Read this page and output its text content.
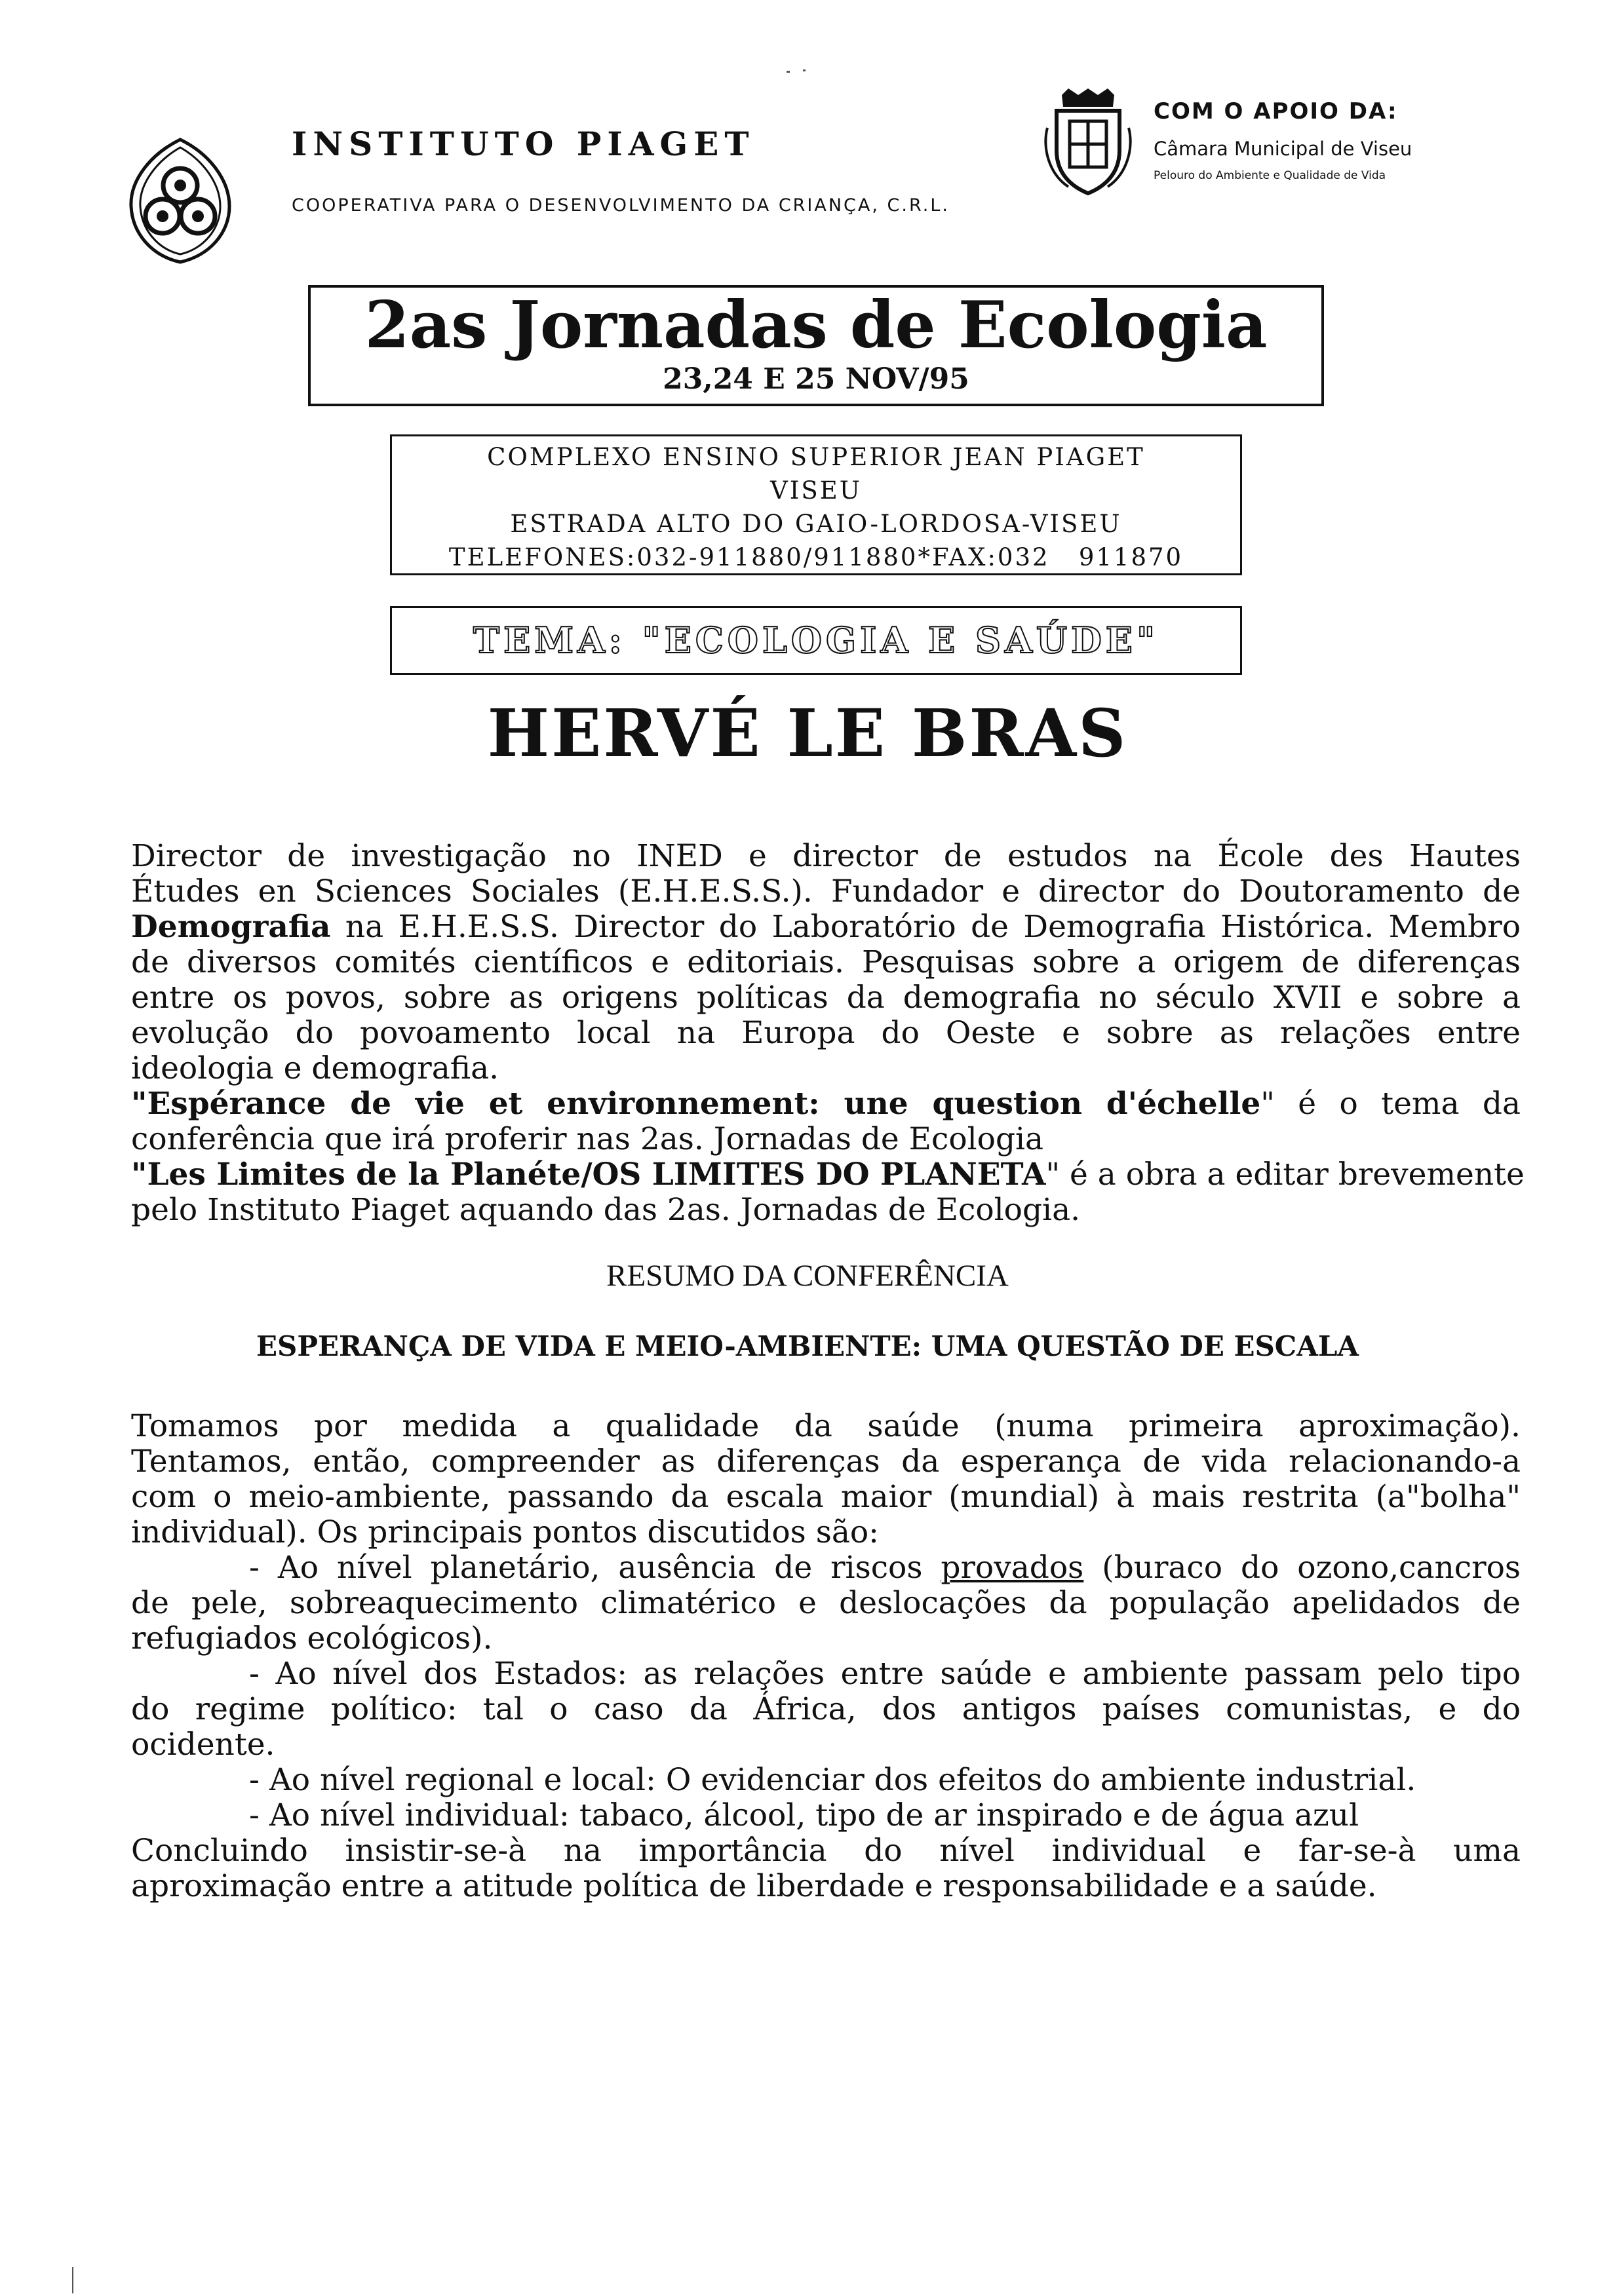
INSTITUTO PIAGET
COOPERATIVA PARA O DESENVOLVIMENTO DA CRIANÇA, C.R.L.
COM O APOIO DA:
Câmara Municipal de Viseu
Pelouro do Ambiente e Qualidade de Vida
2as Jornadas de Ecologia
23,24 E 25 NOV/95
COMPLEXO ENSINO SUPERIOR JEAN PIAGET
VISEU
ESTRADA ALTO DO GAIO-LORDOSA-VISEU
TELEFONES:032-911880/911880*FAX:032   911870
TEMA: "ECOLOGIA E SAÚDE"
HERVÉ LE BRAS
Director de investigação no INED e director de estudos na École des Hautes
Études en Sciences Sociales (E.H.E.S.S.). Fundador e director do Doutoramento de
Demografia na E.H.E.S.S. Director do Laboratório de Demografia Histórica. Membro
de diversos comités científicos e editoriais. Pesquisas sobre a origem de diferenças
entre os povos, sobre as origens políticas da demografia no século XVII e sobre a
evolução do povoamento local na Europa do Oeste e sobre as relações entre
ideologia e demografia.
"Espérance de vie et environnement: une question d'échelle" é o tema da
conferência que irá proferir nas 2as. Jornadas de Ecologia
"Les Limites de la Planéte/OS LIMITES DO PLANETA" é a obra a editar brevemente
pelo Instituto Piaget aquando das 2as. Jornadas de Ecologia.
RESUMO DA CONFERÊNCIA
ESPERANÇA DE VIDA E MEIO-AMBIENTE: UMA QUESTÃO DE ESCALA
Tomamos por medida a qualidade da saúde (numa primeira aproximação).
Tentamos, então, compreender as diferenças da esperança de vida relacionando-a
com o meio-ambiente, passando da escala maior (mundial) à mais restrita (a"bolha"
individual). Os principais pontos discutidos são:
- Ao nível planetário, ausência de riscos provados (buraco do ozono,cancros
de pele, sobreaquecimento climatérico e deslocações da população apelidados de
refugiados ecológicos).
- Ao nível dos Estados: as relações entre saúde e ambiente passam pelo tipo
do regime político: tal o caso da África, dos antigos países comunistas, e do
ocidente.
- Ao nível regional e local: O evidenciar dos efeitos do ambiente industrial.
- Ao nível individual: tabaco, álcool, tipo de ar inspirado e de água azul
Concluindo insistir-se-à na importância do nível individual e far-se-à uma
aproximação entre a atitude política de liberdade e responsabilidade e a saúde.
